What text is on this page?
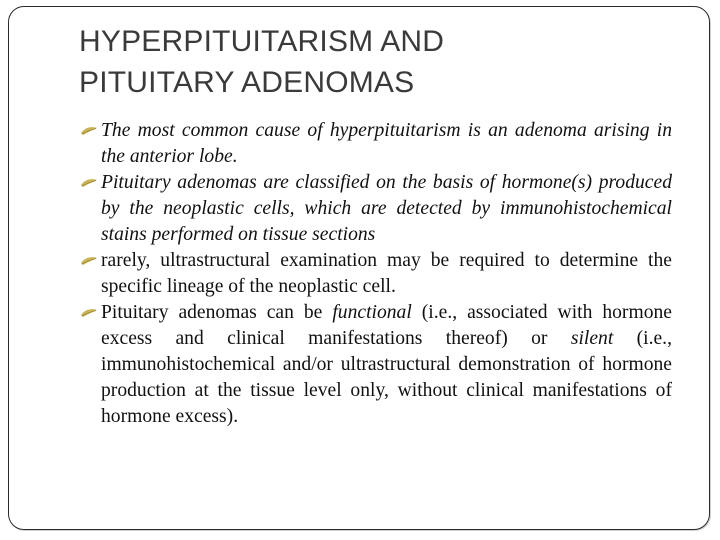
HYPERPITUITARISM AND
PITUITARY ADENOMAS
The most common cause of hyperpituitarism is an adenoma arising in the anterior lobe.
Pituitary adenomas are classified on the basis of hormone(s) produced by the neoplastic cells, which are detected by immunohistochemical stains performed on tissue sections
rarely, ultrastructural examination may be required to determine the specific lineage of the neoplastic cell.
Pituitary adenomas can be functional (i.e., associated with hormone excess and clinical manifestations thereof) or silent (i.e., immunohistochemical and/or ultrastructural demonstration of hormone production at the tissue level only, without clinical manifestations of hormone excess).
